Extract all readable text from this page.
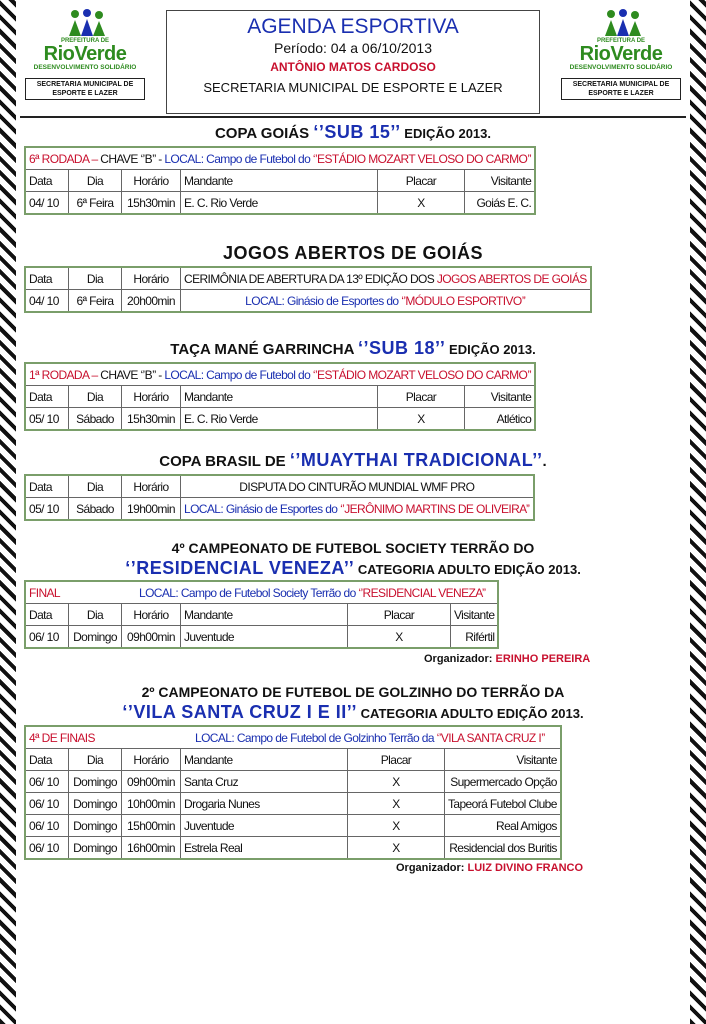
PREFEITURA DE
RioVerde
DESENVOLVIMENTO SOLIDÁRIO
SECRETARIA MUNICIPAL DE
ESPORTE E LAZER
AGENDA ESPORTIVA
Período: 04 a 06/10/2013
ANTÔNIO MATOS CARDOSO
SECRETARIA MUNICIPAL DE ESPORTE E LAZER
PREFEITURA DE
RioVerde
DESENVOLVIMENTO SOLIDÁRIO
SECRETARIA MUNICIPAL DE
ESPORTE E LAZER
COPA GOIÁS ‘’SUB 15’’ EDIÇÃO 2013.
6ª RODADA – CHAVE ‘’B’’ - LOCAL: Campo de Futebol do ‘’ESTÁDIO MOZART VELOSO DO CARMO’’					
Data	Dia	Horário	Mandante	Placar	Visitante
04/ 10	6ª Feira	15h30min	E. C. Rio Verde	X	Goiás E. C.
JOGOS ABERTOS DE GOIÁS
Data	Dia	Horário	CERIMÔNIA DE ABERTURA DA 13º EDIÇÃO DOS JOGOS ABERTOS DE GOIÁS
04/ 10	6ª Feira	20h00min	LOCAL: Ginásio de Esportes do ‘’MÓDULO ESPORTIVO’’
TAÇA MANÉ GARRINCHA ‘’SUB 18’’ EDIÇÃO 2013.
1ª RODADA – CHAVE ‘’B’’ - LOCAL: Campo de Futebol do ‘’ESTÁDIO MOZART VELOSO DO CARMO’’					
Data	Dia	Horário	Mandante	Placar	Visitante
05/ 10	Sábado	15h30min	E. C. Rio Verde	X	Atlético
COPA BRASIL DE ‘’MUAYTHAI TRADICIONAL’’.
Data	Dia	Horário	DISPUTA DO CINTURÃO MUNDIAL WMF PRO
05/ 10	Sábado	19h00min	LOCAL: Ginásio de Esportes do ‘’JERÔNIMO MARTINS DE OLIVEIRA’’
4º CAMPEONATO DE FUTEBOL SOCIETY TERRÃO DO
‘’RESIDENCIAL VENEZA’’ CATEGORIA ADULTO EDIÇÃO 2013.
FINAL LOCAL: Campo de Futebol Society Terrão do ‘’RESIDENCIAL VENEZA’’					
Data	Dia	Horário	Mandante	Placar	Visitante
06/ 10	Domingo	09h00min	Juventude	X	Rifértil
Organizador: ERINHO PEREIRA
2º CAMPEONATO DE FUTEBOL DE GOLZINHO DO TERRÃO DA
‘’VILA SANTA CRUZ I E II’’ CATEGORIA ADULTO EDIÇÃO 2013.
4ª DE FINAIS LOCAL: Campo de Futebol de Golzinho Terrão da ‘’VILA SANTA CRUZ I’’					
Data	Dia	Horário	Mandante	Placar	Visitante
06/ 10	Domingo	09h00min	Santa Cruz	X	Supermercado Opção
06/ 10	Domingo	10h00min	Drogaria Nunes	X	Tapeorá Futebol Clube
06/ 10	Domingo	15h00min	Juventude	X	Real Amigos
06/ 10	Domingo	16h00min	Estrela Real	X	Residencial dos Buritis
Organizador: LUIZ DIVINO FRANCO
